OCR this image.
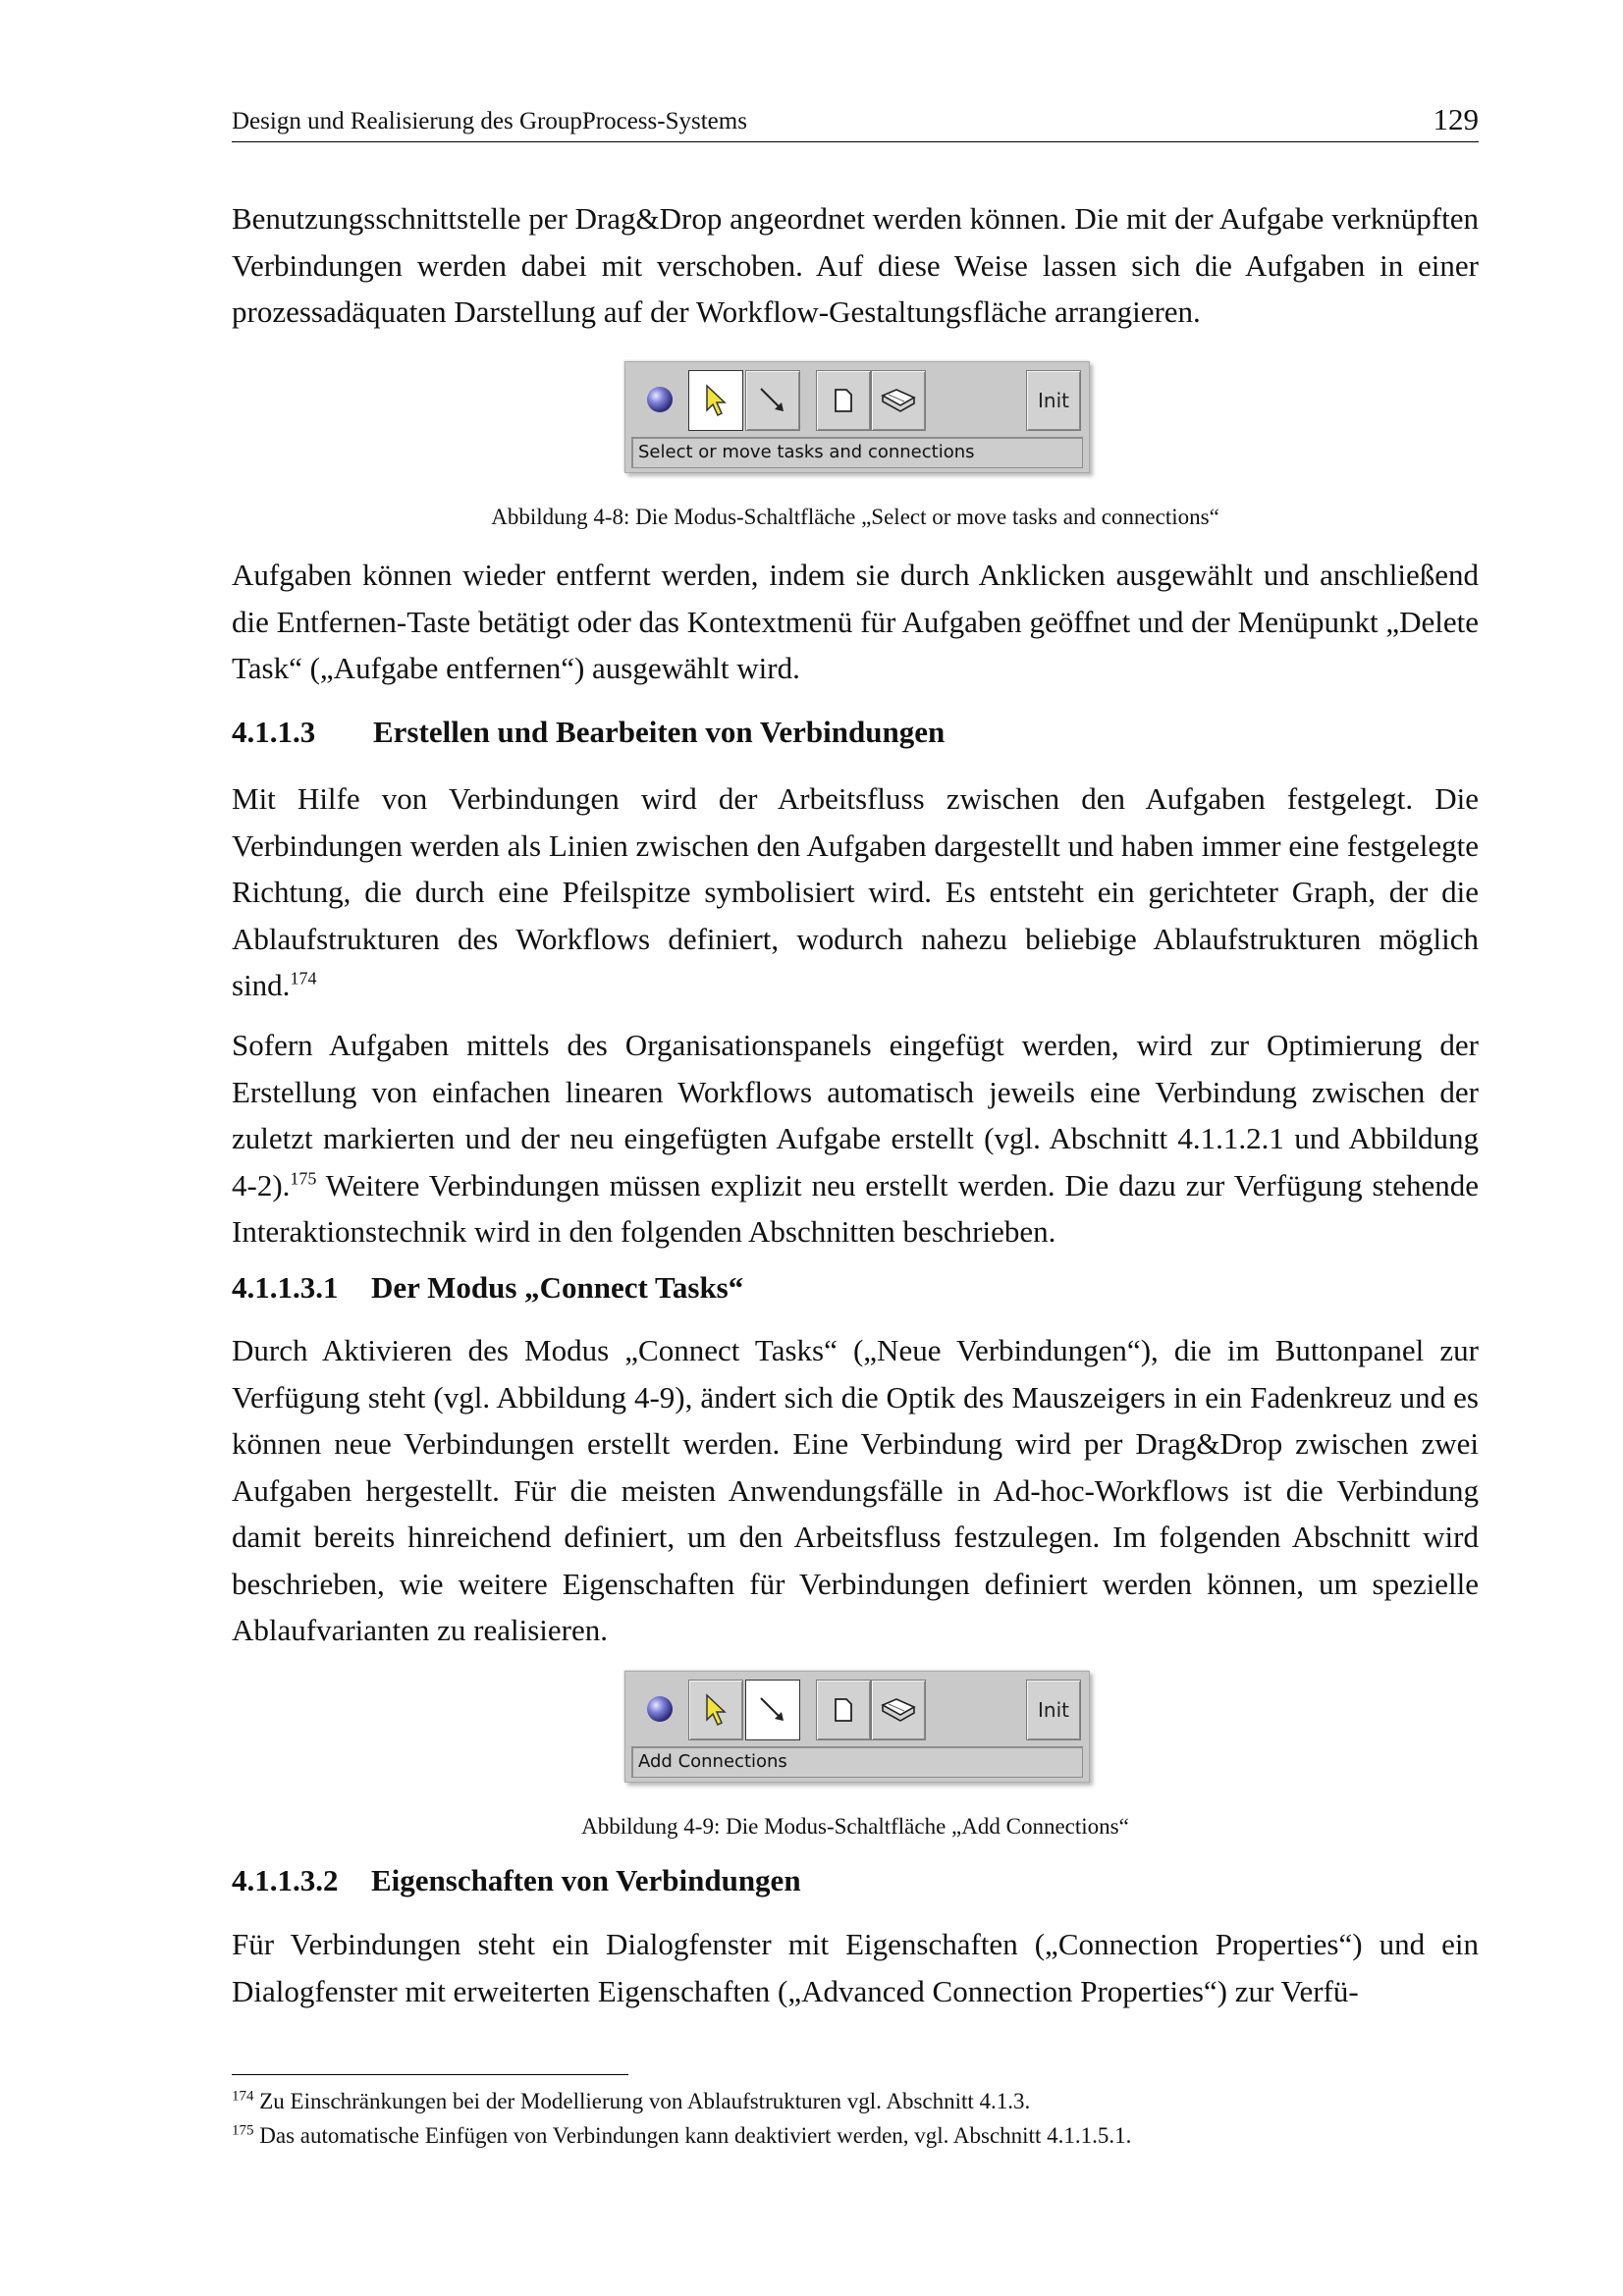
Design und Realisierung des GroupProcess-Systems	129

Benutzungsschnittstelle per Drag&Drop angeordnet werden können. Die mit der Aufgabe verknüpften Verbindungen werden dabei mit verschoben. Auf diese Weise lassen sich die Aufgaben in einer prozessadäquaten Darstellung auf der Workflow-Gestaltungsfläche arrangieren.

Init
Select or move tasks and connections
Abbildung 4-8: Die Modus-Schaltfläche „Select or move tasks and connections“

Aufgaben können wieder entfernt werden, indem sie durch Anklicken ausgewählt und anschließend die Entfernen-Taste betätigt oder das Kontextmenü für Aufgaben geöffnet und der Menüpunkt „Delete Task“ („Aufgabe entfernen“) ausgewählt wird.

4.1.1.3 Erstellen und Bearbeiten von Verbindungen

Mit Hilfe von Verbindungen wird der Arbeitsfluss zwischen den Aufgaben festgelegt. Die Verbindungen werden als Linien zwischen den Aufgaben dargestellt und haben immer eine festgelegte Richtung, die durch eine Pfeilspitze symbolisiert wird. Es entsteht ein gerichteter Graph, der die Ablaufstrukturen des Workflows definiert, wodurch nahezu beliebige Ablaufstrukturen möglich sind.$^{174}$

Sofern Aufgaben mittels des Organisationspanels eingefügt werden, wird zur Optimierung der Erstellung von einfachen linearen Workflows automatisch jeweils eine Verbindung zwischen der zuletzt markierten und der neu eingefügten Aufgabe erstellt (vgl. Abschnitt 4.1.1.2.1 und Abbildung 4-2).$^{175}$ Weitere Verbindungen müssen explizit neu erstellt werden. Die dazu zur Verfügung stehende Interaktionstechnik wird in den folgenden Abschnitten beschrieben.

4.1.1.3.1 Der Modus „Connect Tasks“

Durch Aktivieren des Modus „Connect Tasks“ („Neue Verbindungen“), die im Buttonpanel zur Verfügung steht (vgl. Abbildung 4-9), ändert sich die Optik des Mauszeigers in ein Fadenkreuz und es können neue Verbindungen erstellt werden. Eine Verbindung wird per Drag&Drop zwischen zwei Aufgaben hergestellt. Für die meisten Anwendungsfälle in Ad-hoc-Workflows ist die Verbindung damit bereits hinreichend definiert, um den Arbeitsfluss festzulegen. Im folgenden Abschnitt wird beschrieben, wie weitere Eigenschaften für Verbindungen definiert werden können, um spezielle Ablaufvarianten zu realisieren.

Init
Add Connections
Abbildung 4-9: Die Modus-Schaltfläche „Add Connections“
4.1.1.3.2 Eigenschaften von Verbindungen

Für Verbindungen steht ein Dialogfenster mit Eigenschaften („Connection Properties“) und ein Dialogfenster mit erweiterten Eigenschaften („Advanced Connection Properties“) zur Verfü-

$^{174}$ Zu Einschränkungen bei der Modellierung von Ablaufstrukturen vgl. Abschnitt 4.1.3.
$^{175}$ Das automatische Einfügen von Verbindungen kann deaktiviert werden, vgl. Abschnitt 4.1.1.5.1.
